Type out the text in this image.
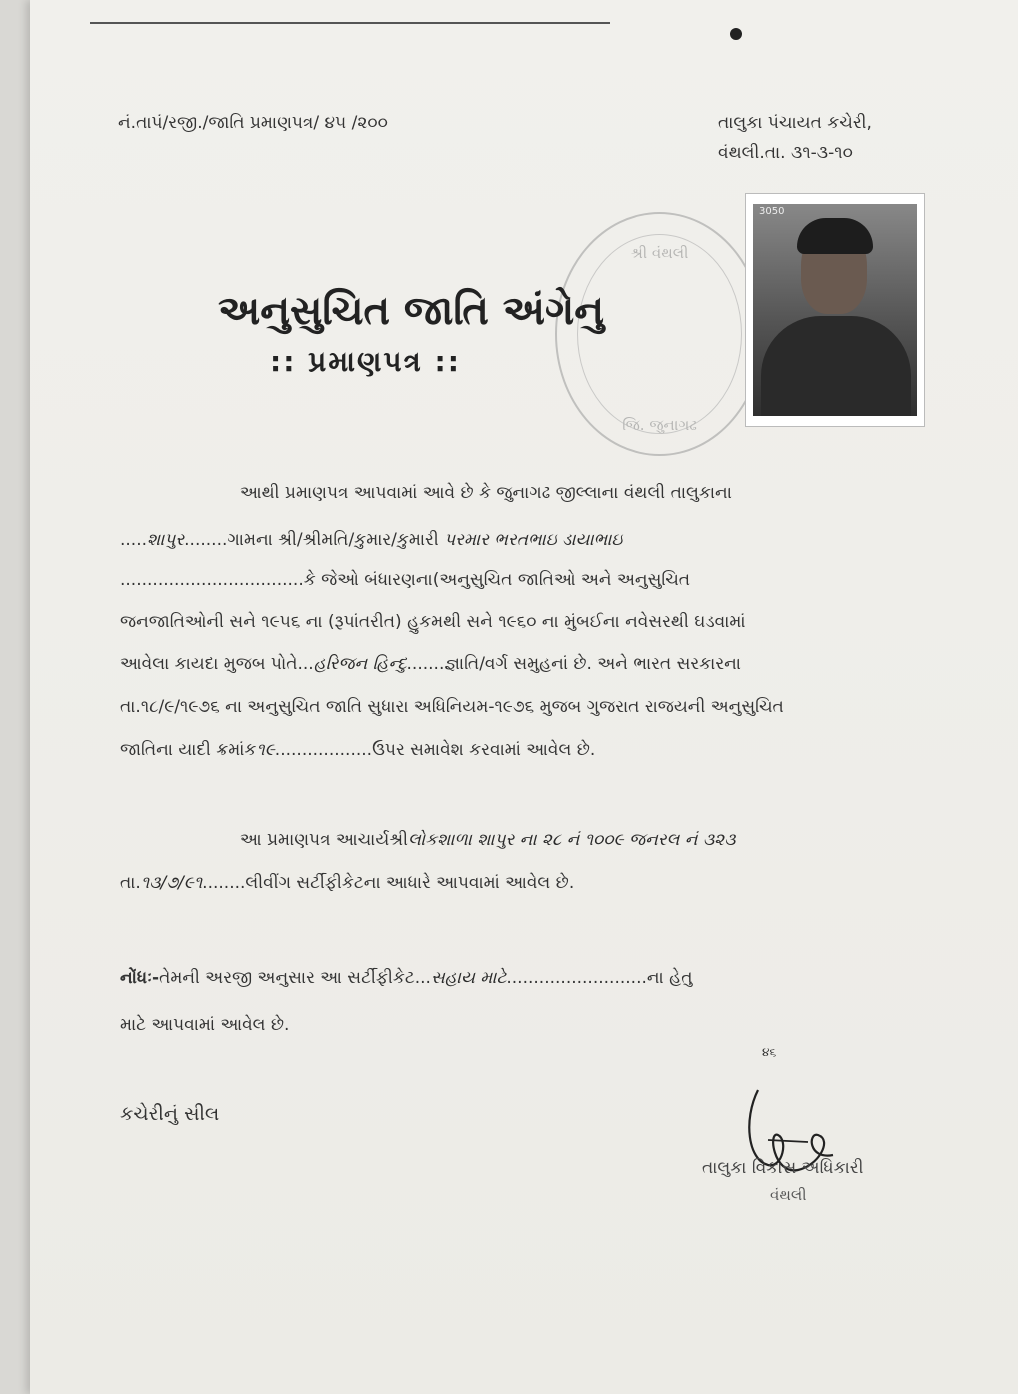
નં.તાપં/રજી./જાતિ પ્રમાણપત્ર/ ૪૫ /૨૦૦	તાલુકા પંચાયત કચેરી,
વંથલી.તા. ૩૧-૩-૧૦
શ્રી વંથલી
જિ. જુનાગઢ
3050
અનુસુચિત જાતિ અંગેનુ
:: પ્રમાણપત્ર ::
આથી પ્રમાણપત્ર આપવામાં આવે છે કે જુનાગઢ જીલ્લાના વંથલી તાલુકાના
.....શાપુર........ગામના શ્રી/શ્રીમતિ/કુમાર/કુમારી પરમાર ભરતભાઇ ડાયાભાઇ
..................................કે જેઓ બંધારણના(અનુસુચિત જાતિઓ અને અનુસુચિત
જનજાતિઓની સને ૧૯૫૬ ના (રૂપાંતરીત) હુકમથી સને ૧૯૬૦ ના મુંબઈના નવેસરથી ઘડવામાં
આવેલા કાયદા મુજબ પોતે...હરિજન હિન્દુ.......જ્ઞાતિ/વર્ગ સમુહનાં છે. અને ભારત સરકારના
તા.૧૮/૯/૧૯૭૬ ના અનુસુચિત જાતિ સુધારા અધિનિયમ-૧૯૭૬ મુજબ ગુજરાત રાજયની અનુસુચિત
જાતિના યાદી ક્રમાંક૧૯..................ઉપર સમાવેશ કરવામાં આવેલ છે.
આ પ્રમાણપત્ર આચાર્યશ્રીલોકશાળા શાપુર ના ૨૮ નં ૧૦૦૯ જનરલ નં ૩૨૩
તા.૧૩/૭/૯૧........લીવીંગ સર્ટીફીકેટના આધારે આપવામાં આવેલ છે.
નોંધઃ-તેમની અરજી અનુસાર આ સર્ટીફીકેટ...સહાય માટે..........................ના હેતુ
માટે આપવામાં આવેલ છે.
૪૬
કચેરીનું સીલ
તાલુકા વિકાસ અધિકારી
વંથલી
